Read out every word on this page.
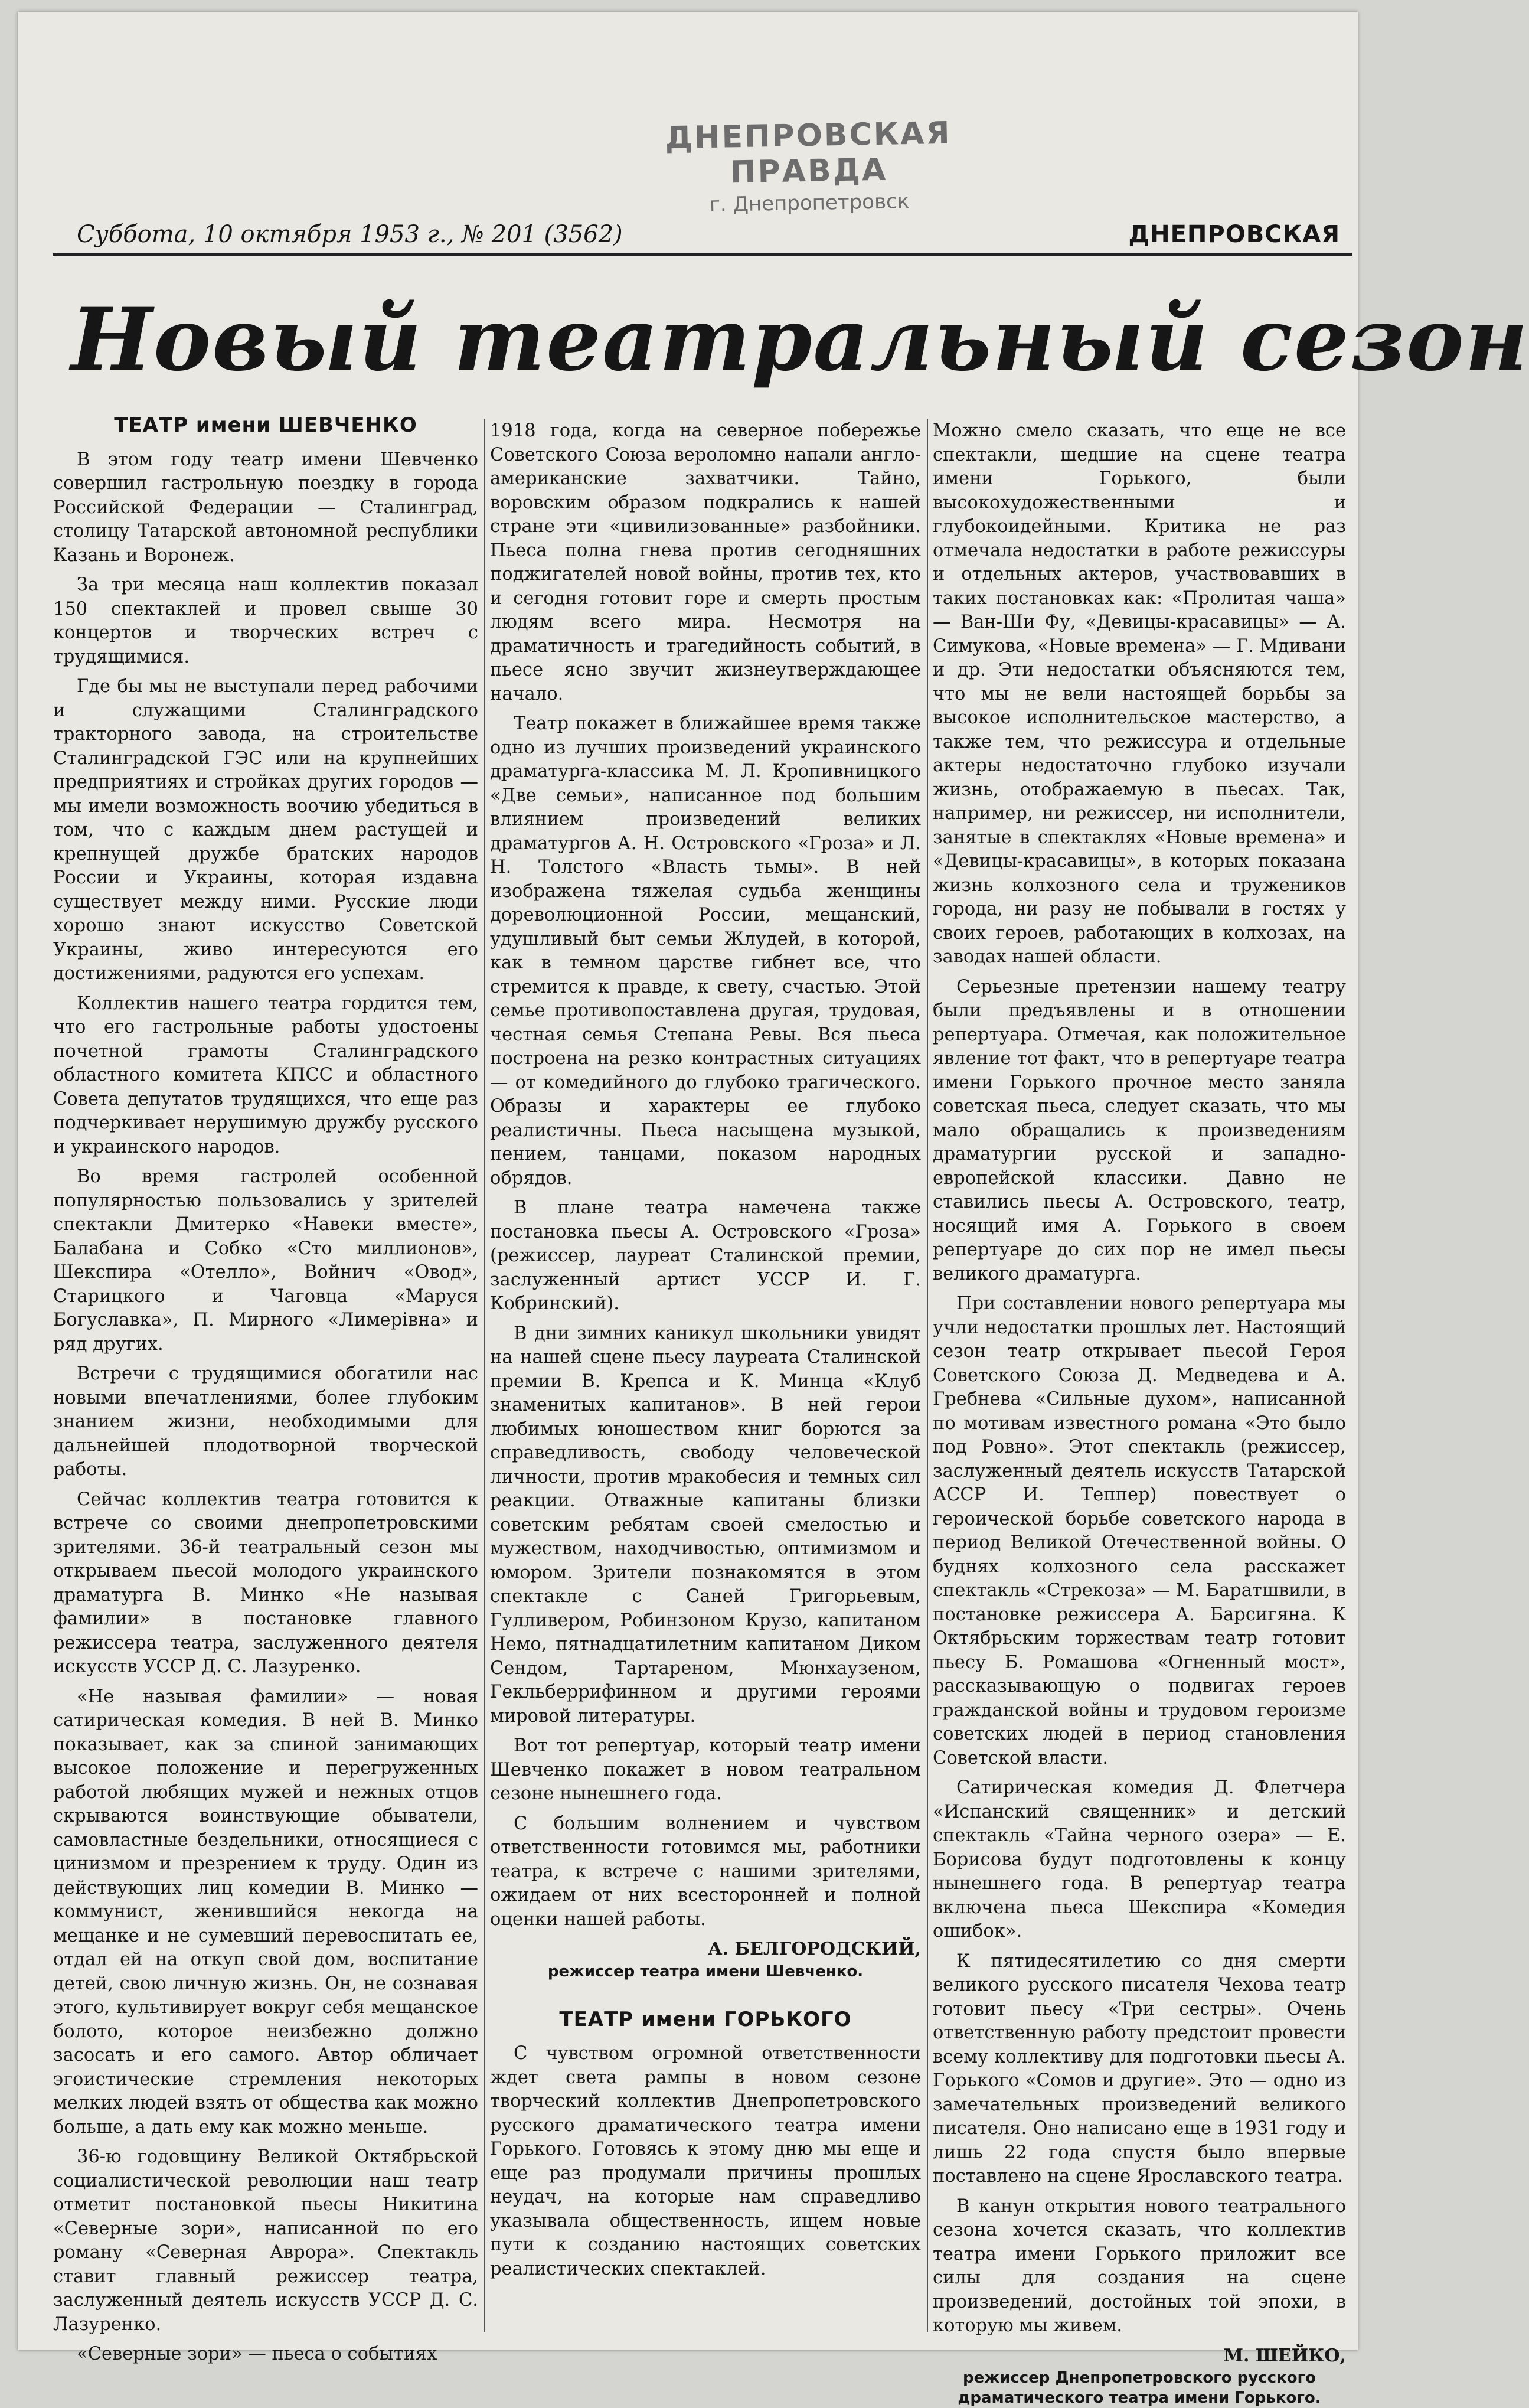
ДНЕПРОВСКАЯ ПРАВДА
г. Днепропетровск
Суббота, 10 октября 1953 г., № 201 (3562)	ДНЕПРОВСКАЯ
Новый театральный сезон
ТЕАТР имени ШЕВЧЕНКО

В этом году театр имени Шевченко совершил гастрольную поездку в города Российской Федерации — Сталинград, столицу Татарской автономной республики Казань и Воронеж.

За три месяца наш коллектив показал 150 спектаклей и провел свыше 30 концертов и творческих встреч с трудящимися.

Где бы мы не выступали перед рабочими и служащими Сталинградского тракторного завода, на строительстве Сталинградской ГЭС или на крупнейших предприятиях и стройках других городов — мы имели возможность воочию убедиться в том, что с каждым днем растущей и крепнущей дружбе братских народов России и Украины, которая издавна существует между ними. Русские люди хорошо знают искусство Советской Украины, живо интересуются его достижениями, радуются его успехам.

Коллектив нашего театра гордится тем, что его гастрольные работы удостоены почетной грамоты Сталинградского областного комитета КПСС и областного Совета депутатов трудящихся, что еще раз подчеркивает нерушимую дружбу русского и украинского народов.

Во время гастролей особенной популярностью пользовались у зрителей спектакли Дмитерко «Навеки вместе», Балабана и Собко «Сто миллионов», Шекспира «Отелло», Войнич «Овод», Старицкого и Чаговца «Маруся Богуславка», П. Мирного «Лимерiвна» и ряд других.

Встречи с трудящимися обогатили нас новыми впечатлениями, более глубоким знанием жизни, необходимыми для дальнейшей плодотворной творческой работы.

Сейчас коллектив театра готовится к встрече со своими днепропетровскими зрителями. 36-й театральный сезон мы открываем пьесой молодого украинского драматурга В. Минко «Не называя фамилии» в постановке главного режиссера театра, заслуженного деятеля искусств УССР Д. С. Лазуренко.

«Не называя фамилии» — новая сатирическая комедия. В ней В. Минко показывает, как за спиной занимающих высокое положение и перегруженных работой любящих мужей и нежных отцов скрываются воинствующие обыватели, самовластные бездельники, относящиеся с цинизмом и презрением к труду. Один из действующих лиц комедии В. Минко — коммунист, женившийся некогда на мещанке и не сумевший перевоспитать ее, отдал ей на откуп свой дом, воспитание детей, свою личную жизнь. Он, не сознавая этого, культивирует вокруг себя мещанское болото, которое неизбежно должно засосать и его самого. Автор обличает эгоистические стремления некоторых мелких людей взять от общества как можно больше, а дать ему как можно меньше.

36-ю годовщину Великой Октябрьской социалистической революции наш театр отметит постановкой пьесы Никитина «Северные зори», написанной по его роману «Северная Аврора». Спектакль ставит главный режиссер театра, заслуженный деятель искусств УССР Д. С. Лазуренко.

«Северные зори» — пьеса о событиях

1918 года, когда на северное побережье Советского Союза вероломно напали англо-американские захватчики. Тайно, воровским образом подкрались к нашей стране эти «цивилизованные» разбойники. Пьеса полна гнева против сегодняшних поджигателей новой войны, против тех, кто и сегодня готовит горе и смерть простым людям всего мира. Несмотря на драматичность и трагедийность событий, в пьесе ясно звучит жизнеутверждающее начало.

Театр покажет в ближайшее время также одно из лучших произведений украинского драматурга-классика М. Л. Кропивницкого «Две семьи», написанное под большим влиянием произведений великих драматургов А. Н. Островского «Гроза» и Л. Н. Толстого «Власть тьмы». В ней изображена тяжелая судьба женщины дореволюционной России, мещанский, удушливый быт семьи Жлудей, в которой, как в темном царстве гибнет все, что стремится к правде, к свету, счастью. Этой семье противопоставлена другая, трудовая, честная семья Степана Ревы. Вся пьеса построена на резко контрастных ситуациях — от комедийного до глубоко трагического. Образы и характеры ее глубоко реалистичны. Пьеса насыщена музыкой, пением, танцами, показом народных обрядов.

В плане театра намечена также постановка пьесы А. Островского «Гроза» (режиссер, лауреат Сталинской премии, заслуженный артист УССР И. Г. Кобринский).

В дни зимних каникул школьники увидят на нашей сцене пьесу лауреата Сталинской премии В. Крепса и К. Минца «Клуб знаменитых капитанов». В ней герои любимых юношеством книг борются за справедливость, свободу человеческой личности, против мракобесия и темных сил реакции. Отважные капитаны близки советским ребятам своей смелостью и мужеством, находчивостью, оптимизмом и юмором. Зрители познакомятся в этом спектакле с Саней Григорьевым, Гулливером, Робинзоном Крузо, капитаном Немо, пятнадцатилетним капитаном Диком Сендом, Тартареном, Мюнхаузеном, Гекльберрифинном и другими героями мировой литературы.

Вот тот репертуар, который театр имени Шевченко покажет в новом театральном сезоне нынешнего года.

С большим волнением и чувством ответственности готовимся мы, работники театра, к встрече с нашими зрителями, ожидаем от них всесторонней и полной оценки нашей работы.

А. БЕЛГОРОДСКИЙ,
режиссер театра имени Шевченко.
ТЕАТР имени ГОРЬКОГО

С чувством огромной ответственности ждет света рампы в новом сезоне творческий коллектив Днепропетровского русского драматического театра имени Горького. Готовясь к этому дню мы еще и еще раз продумали причины прошлых неудач, на которые нам справедливо указывала общественность, ищем новые пути к созданию настоящих советских реалистических спектаклей.

Можно смело сказать, что еще не все спектакли, шедшие на сцене театра имени Горького, были высокохудожественными и глубокоидейными. Критика не раз отмечала недостатки в работе режиссуры и отдельных актеров, участвовавших в таких постановках как: «Пролитая чаша» — Ван-Ши Фу, «Девицы-красавицы» — А. Симукова, «Новые времена» — Г. Мдивани и др. Эти недостатки объясняются тем, что мы не вели настоящей борьбы за высокое исполнительское мастерство, а также тем, что режиссура и отдельные актеры недостаточно глубоко изучали жизнь, отображаемую в пьесах. Так, например, ни режиссер, ни исполнители, занятые в спектаклях «Новые времена» и «Девицы-красавицы», в которых показана жизнь колхозного села и тружеников города, ни разу не побывали в гостях у своих героев, работающих в колхозах, на заводах нашей области.

Серьезные претензии нашему театру были предъявлены и в отношении репертуара. Отмечая, как положительное явление тот факт, что в репертуаре театра имени Горького прочное место заняла советская пьеса, следует сказать, что мы мало обращались к произведениям драматургии русской и западно-европейской классики. Давно не ставились пьесы А. Островского, театр, носящий имя А. Горького в своем репертуаре до сих пор не имел пьесы великого драматурга.

При составлении нового репертуара мы учли недостатки прошлых лет. Настоящий сезон театр открывает пьесой Героя Советского Союза Д. Медведева и А. Гребнева «Сильные духом», написанной по мотивам известного романа «Это было под Ровно». Этот спектакль (режиссер, заслуженный деятель искусств Татарской АССР И. Теппер) повествует о героической борьбе советского народа в период Великой Отечественной войны. О буднях колхозного села расскажет спектакль «Стрекоза» — М. Баратшвили, в постановке режиссера А. Барсигяна. К Октябрьским торжествам театр готовит пьесу Б. Ромашова «Огненный мост», рассказывающую о подвигах героев гражданской войны и трудовом героизме советских людей в период становления Советской власти.

Сатирическая комедия Д. Флетчера «Испанский священник» и детский спектакль «Тайна черного озера» — Е. Борисова будут подготовлены к концу нынешнего года. В репертуар театра включена пьеса Шекспира «Комедия ошибок».

К пятидесятилетию со дня смерти великого русского писателя Чехова театр готовит пьесу «Три сестры». Очень ответственную работу предстоит провести всему коллективу для подготовки пьесы А. Горького «Сомов и другие». Это — одно из замечательных произведений великого писателя. Оно написано еще в 1931 году и лишь 22 года спустя было впервые поставлено на сцене Ярославского театра.

В канун открытия нового театрального сезона хочется сказать, что коллектив театра имени Горького приложит все силы для создания на сцене произведений, достойных той эпохи, в которую мы живем.

М. ШЕЙКО,
режиссер Днепропетровского русского драматического театра имени Горького.
